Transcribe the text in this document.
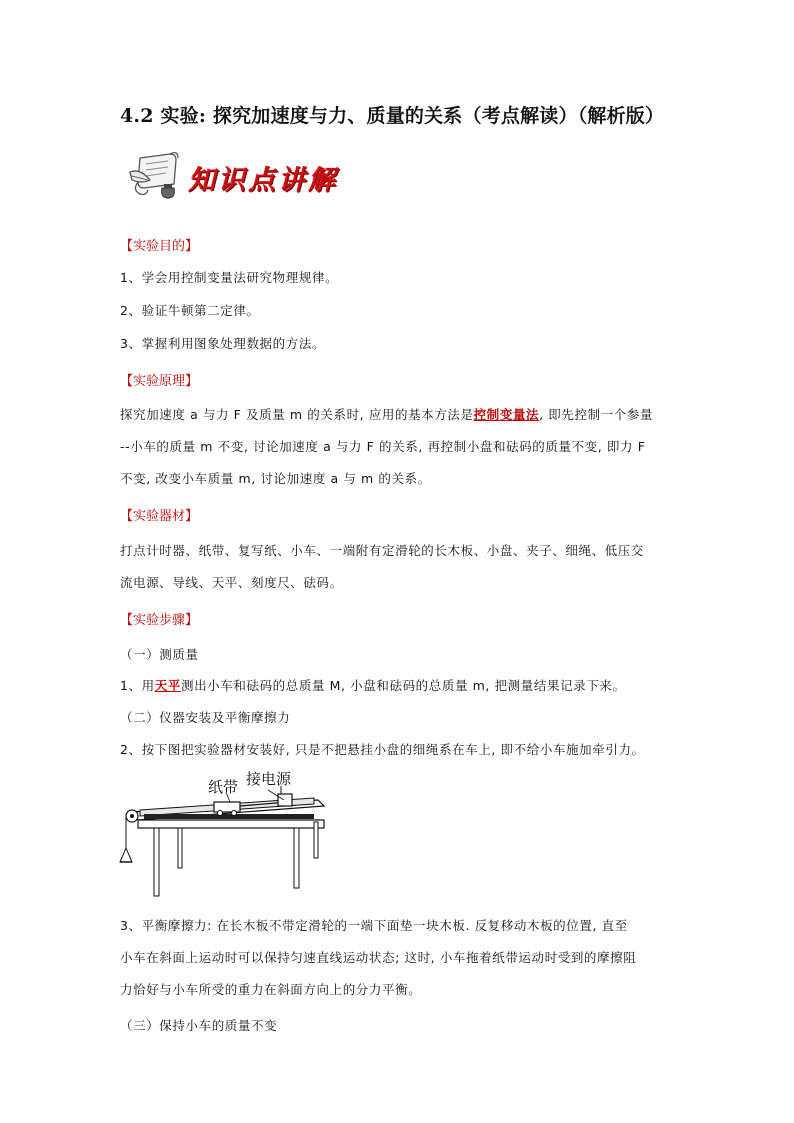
4.2 实验: 探究加速度与力、质量的关系（考点解读）（解析版）
知识点讲解
【实验目的】
1、学会用控制变量法研究物理规律。
2、验证牛顿第二定律。
3、掌握利用图象处理数据的方法。
【实验原理】
探究加速度 a 与力 F 及质量 m 的关系时, 应用的基本方法是控制变量法, 即先控制一个参量
--小车的质量 m 不变, 讨论加速度 a 与力 F 的关系, 再控制小盘和砝码的质量不变, 即力 F
不变, 改变小车质量 m, 讨论加速度 a 与 m 的关系。
【实验器材】
打点计时器、纸带、复写纸、小车、一端附有定滑轮的长木板、小盘、夹子、细绳、低压交
流电源、导线、天平、刻度尺、砝码。
【实验步骤】
（一）测质量
1、用天平测出小车和砝码的总质量 M, 小盘和砝码的总质量 m, 把测量结果记录下来。
（二）仪器安装及平衡摩擦力
2、按下图把实验器材安装好, 只是不把悬挂小盘的细绳系在车上, 即不给小车施加牵引力。
纸带 接电源
3、平衡摩擦力: 在长木板不带定滑轮的一端下面垫一块木板. 反复移动木板的位置, 直至
小车在斜面上运动时可以保持匀速直线运动状态; 这时, 小车拖着纸带运动时受到的摩擦阻
力恰好与小车所受的重力在斜面方向上的分力平衡。
（三）保持小车的质量不变
